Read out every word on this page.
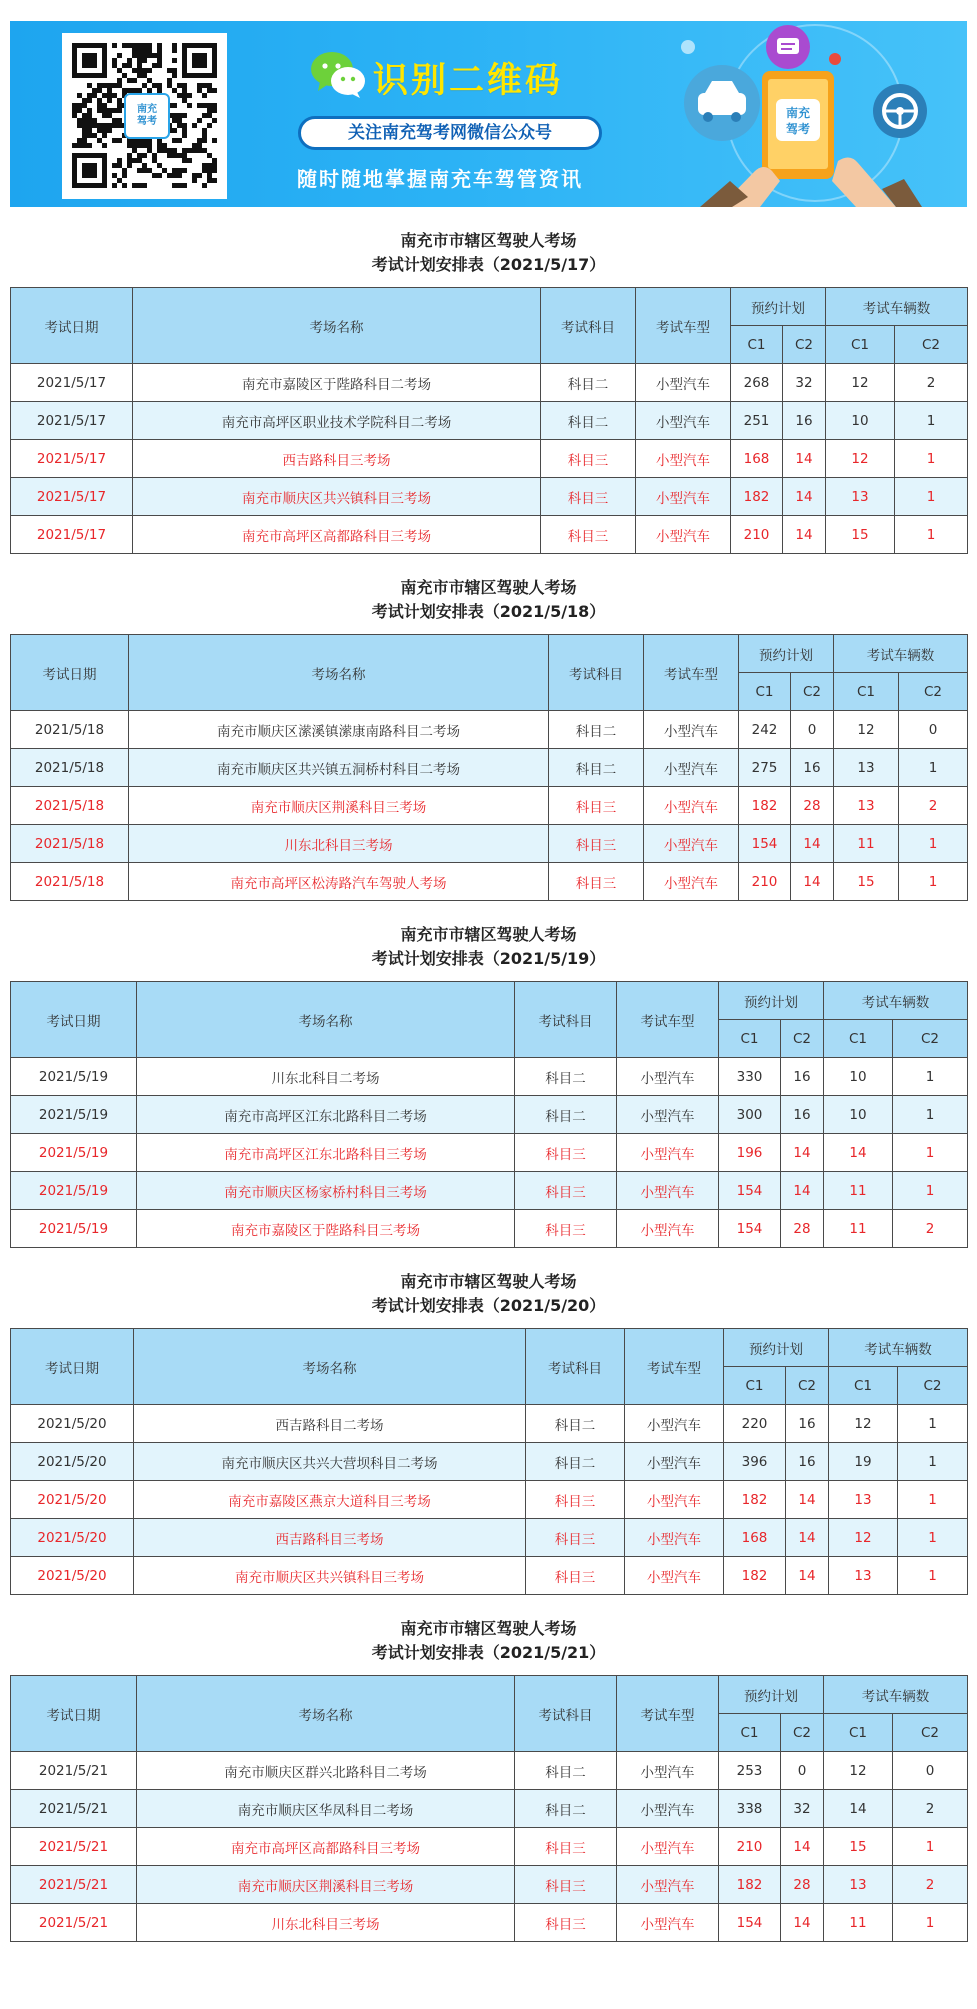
南充
驾考
识别二维码
关注南充驾考网微信公众号
随时随地掌握南充车驾管资讯
南充
驾考
南充市市辖区驾驶人考场
考试计划安排表（2021/5/17）
考试日期	考场名称	考试科目	考试车型	预约计划		考试车辆数	
				C1	C2	C1	C2
2021/5/17	南充市嘉陵区于陛路科目二考场	科目二	小型汽车	268	32	12	2
2021/5/17	南充市高坪区职业技术学院科目二考场	科目二	小型汽车	251	16	10	1
2021/5/17	西吉路科目三考场	科目三	小型汽车	168	14	12	1
2021/5/17	南充市顺庆区共兴镇科目三考场	科目三	小型汽车	182	14	13	1
2021/5/17	南充市高坪区高都路科目三考场	科目三	小型汽车	210	14	15	1
南充市市辖区驾驶人考场
考试计划安排表（2021/5/18）
考试日期	考场名称	考试科目	考试车型	预约计划		考试车辆数	
				C1	C2	C1	C2
2021/5/18	南充市顺庆区潆溪镇潆康南路科目二考场	科目二	小型汽车	242	0	12	0
2021/5/18	南充市顺庆区共兴镇五洞桥村科目二考场	科目二	小型汽车	275	16	13	1
2021/5/18	南充市顺庆区荆溪科目三考场	科目三	小型汽车	182	28	13	2
2021/5/18	川东北科目三考场	科目三	小型汽车	154	14	11	1
2021/5/18	南充市高坪区松涛路汽车驾驶人考场	科目三	小型汽车	210	14	15	1
南充市市辖区驾驶人考场
考试计划安排表（2021/5/19）
考试日期	考场名称	考试科目	考试车型	预约计划		考试车辆数	
				C1	C2	C1	C2
2021/5/19	川东北科目二考场	科目二	小型汽车	330	16	10	1
2021/5/19	南充市高坪区江东北路科目二考场	科目二	小型汽车	300	16	10	1
2021/5/19	南充市高坪区江东北路科目三考场	科目三	小型汽车	196	14	14	1
2021/5/19	南充市顺庆区杨家桥村科目三考场	科目三	小型汽车	154	14	11	1
2021/5/19	南充市嘉陵区于陛路科目三考场	科目三	小型汽车	154	28	11	2
南充市市辖区驾驶人考场
考试计划安排表（2021/5/20）
考试日期	考场名称	考试科目	考试车型	预约计划		考试车辆数	
				C1	C2	C1	C2
2021/5/20	西吉路科目二考场	科目二	小型汽车	220	16	12	1
2021/5/20	南充市顺庆区共兴大营坝科目二考场	科目二	小型汽车	396	16	19	1
2021/5/20	南充市嘉陵区燕京大道科目三考场	科目三	小型汽车	182	14	13	1
2021/5/20	西吉路科目三考场	科目三	小型汽车	168	14	12	1
2021/5/20	南充市顺庆区共兴镇科目三考场	科目三	小型汽车	182	14	13	1
南充市市辖区驾驶人考场
考试计划安排表（2021/5/21）
考试日期	考场名称	考试科目	考试车型	预约计划		考试车辆数	
				C1	C2	C1	C2
2021/5/21	南充市顺庆区群兴北路科目二考场	科目二	小型汽车	253	0	12	0
2021/5/21	南充市顺庆区华凤科目二考场	科目二	小型汽车	338	32	14	2
2021/5/21	南充市高坪区高都路科目三考场	科目三	小型汽车	210	14	15	1
2021/5/21	南充市顺庆区荆溪科目三考场	科目三	小型汽车	182	28	13	2
2021/5/21	川东北科目三考场	科目三	小型汽车	154	14	11	1
